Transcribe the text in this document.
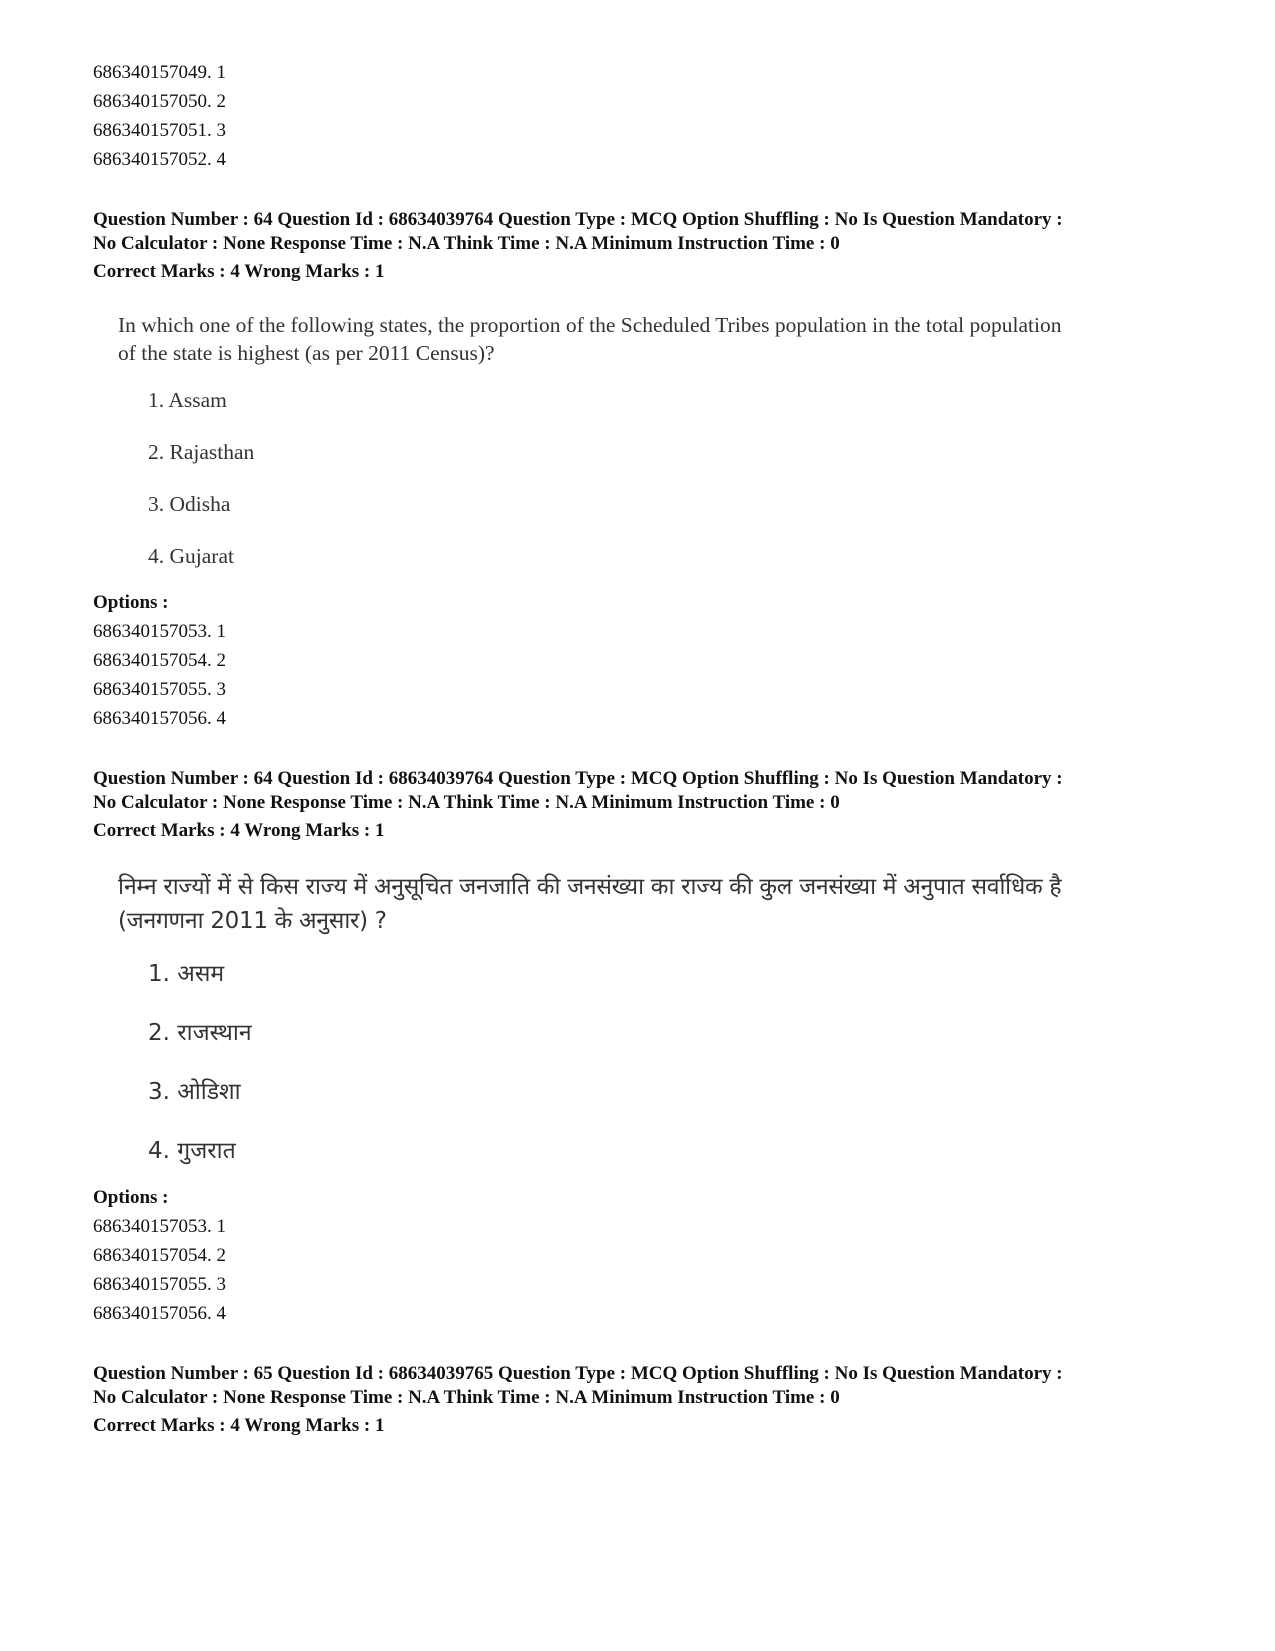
686340157049. 1
686340157050. 2
686340157051. 3
686340157052. 4
Question Number : 64 Question Id : 68634039764 Question Type : MCQ Option Shuffling : No Is Question Mandatory :
No Calculator : None Response Time : N.A Think Time : N.A Minimum Instruction Time : 0
Correct Marks : 4 Wrong Marks : 1
In which one of the following states, the proportion of the Scheduled Tribes population in the total population
of the state is highest (as per 2011 Census)?
1. Assam
2. Rajasthan
3. Odisha
4. Gujarat
Options :
686340157053. 1
686340157054. 2
686340157055. 3
686340157056. 4
Question Number : 64 Question Id : 68634039764 Question Type : MCQ Option Shuffling : No Is Question Mandatory :
No Calculator : None Response Time : N.A Think Time : N.A Minimum Instruction Time : 0
Correct Marks : 4 Wrong Marks : 1
निम्न राज्यों में से किस राज्य में अनुसूचित जनजाति की जनसंख्या का राज्य की कुल जनसंख्या में अनुपात सर्वाधिक है
(जनगणना 2011 के अनुसार) ?
1. असम
2. राजस्थान
3. ओडिशा
4. गुजरात
Options :
686340157053. 1
686340157054. 2
686340157055. 3
686340157056. 4
Question Number : 65 Question Id : 68634039765 Question Type : MCQ Option Shuffling : No Is Question Mandatory :
No Calculator : None Response Time : N.A Think Time : N.A Minimum Instruction Time : 0
Correct Marks : 4 Wrong Marks : 1
